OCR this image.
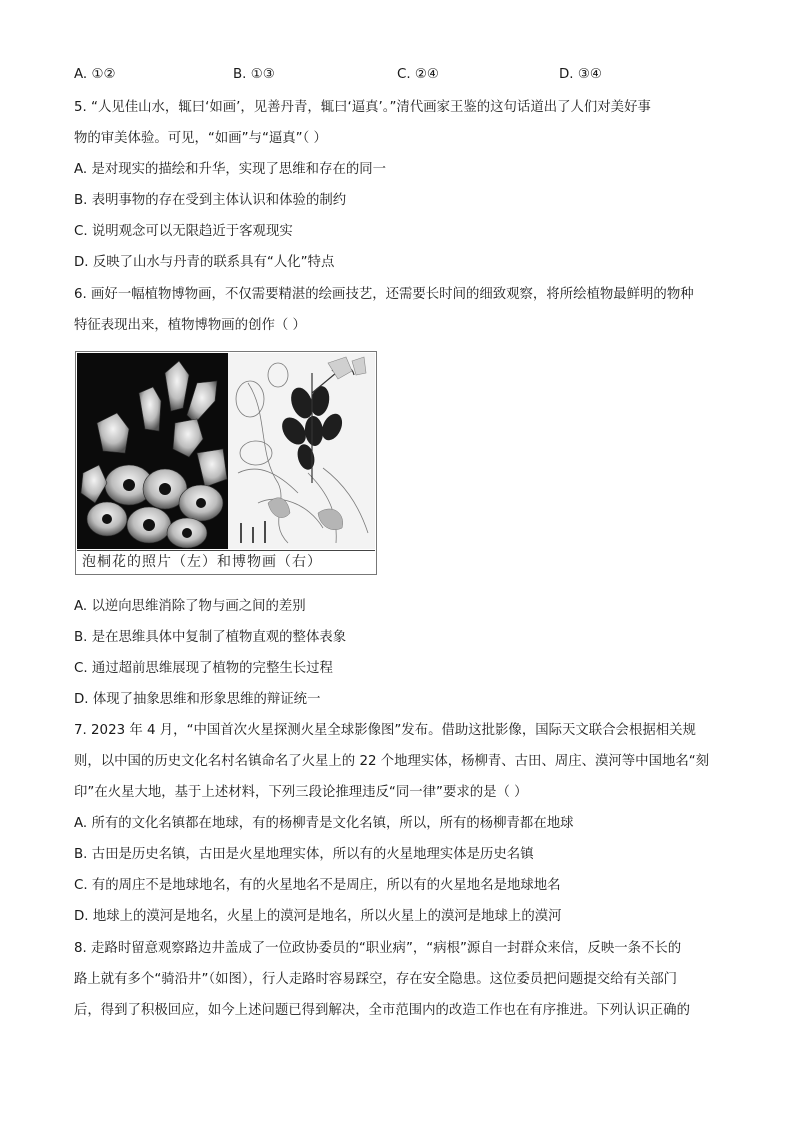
A. ①②	B. ①③	C. ②④	D. ③④
5. “人见佳山水，辄曰‘如画’，见善丹青，辄曰‘逼真’。”清代画家王鉴的这句话道出了人们对美好事
物的审美体验。可见，“如画”与“逼真”（ ）
A. 是对现实的描绘和升华，实现了思维和存在的同一
B. 表明事物的存在受到主体认识和体验的制约
C. 说明观念可以无限趋近于客观现实
D. 反映了山水与丹青的联系具有“人化”特点
6. 画好一幅植物博物画，不仅需要精湛的绘画技艺，还需要长时间的细致观察，将所绘植物最鲜明的物种
特征表现出来，植物博物画的创作（ ）
泡桐花的照片（左）和博物画（右）
A. 以逆向思维消除了物与画之间的差别
B. 是在思维具体中复制了植物直观的整体表象
C. 通过超前思维展现了植物的完整生长过程
D. 体现了抽象思维和形象思维的辩证统一
7. 2023 年 4 月，“中国首次火星探测火星全球影像图”发布。借助这批影像，国际天文联合会根据相关规
则，以中国的历史文化名村名镇命名了火星上的 22 个地理实体，杨柳青、古田、周庄、漠河等中国地名“刻
印”在火星大地，基于上述材料，下列三段论推理违反“同一律”要求的是（ ）
A. 所有的文化名镇都在地球，有的杨柳青是文化名镇，所以，所有的杨柳青都在地球
B. 古田是历史名镇，古田是火星地理实体，所以有的火星地理实体是历史名镇
C. 有的周庄不是地球地名，有的火星地名不是周庄，所以有的火星地名是地球地名
D. 地球上的漠河是地名，火星上的漠河是地名，所以火星上的漠河是地球上的漠河
8. 走路时留意观察路边井盖成了一位政协委员的“职业病”，“病根”源自一封群众来信，反映一条不长的
路上就有多个“骑沿井”（如图），行人走路时容易踩空，存在安全隐患。这位委员把问题提交给有关部门
后，得到了积极回应，如今上述问题已得到解决，全市范围内的改造工作也在有序推进。下列认识正确的
